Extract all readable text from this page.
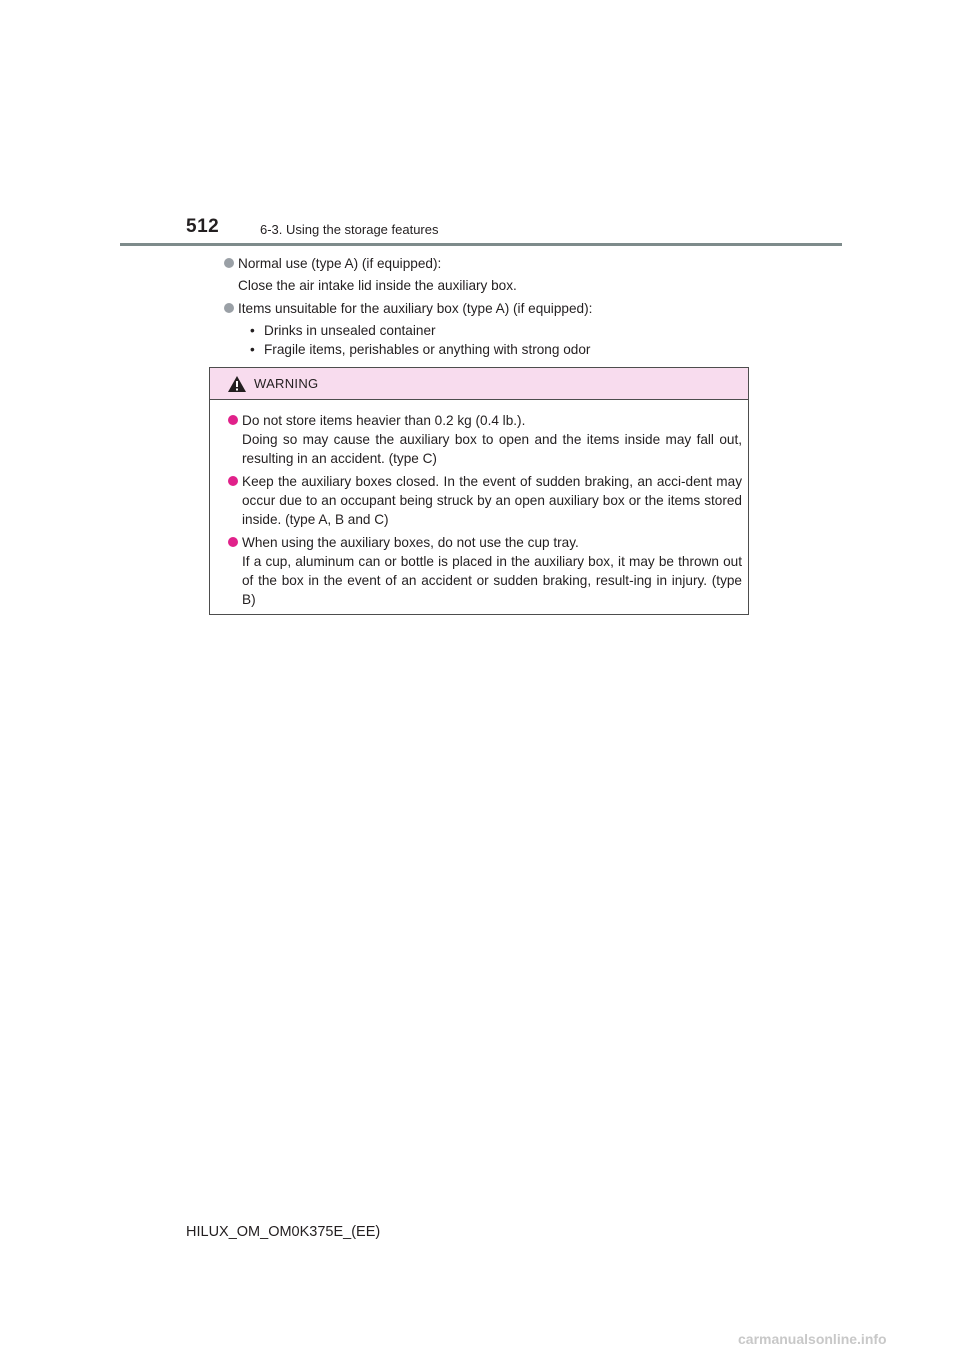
512	6-3. Using the storage features
Normal use (type A) (if equipped):
Close the air intake lid inside the auxiliary box.
Items unsuitable for the auxiliary box (type A) (if equipped):
• Drinks in unsealed container
• Fragile items, perishables or anything with strong odor
WARNING
Do not store items heavier than 0.2 kg (0.4 lb.).
Doing so may cause the auxiliary box to open and the items inside may fall out, resulting in an accident. (type C)
Keep the auxiliary boxes closed. In the event of sudden braking, an acci-dent may occur due to an occupant being struck by an open auxiliary box or the items stored inside. (type A, B and C)
When using the auxiliary boxes, do not use the cup tray.
If a cup, aluminum can or bottle is placed in the auxiliary box, it may be thrown out of the box in the event of an accident or sudden braking, result-ing in injury. (type B)
HILUX_OM_OM0K375E_(EE)
carmanualsonline.info
